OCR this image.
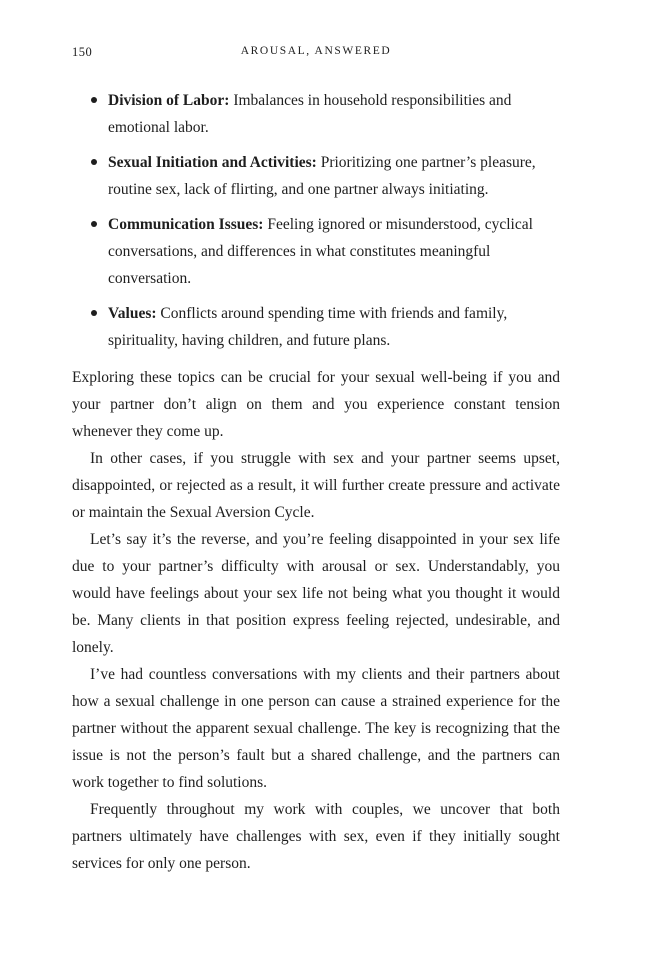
150	AROUSAL, ANSWERED
Division of Labor: Imbalances in household responsibilities and emotional labor.
Sexual Initiation and Activities: Prioritizing one partner’s pleasure, routine sex, lack of flirting, and one partner always initiating.
Communication Issues: Feeling ignored or misunderstood, cyclical conversations, and differences in what constitutes meaningful conversation.
Values: Conflicts around spending time with friends and family, spirituality, having children, and future plans.

Exploring these topics can be crucial for your sexual well-being if you and your partner don’t align on them and you experience constant tension whenever they come up.

In other cases, if you struggle with sex and your partner seems upset, disappointed, or rejected as a result, it will further create pressure and activate or maintain the Sexual Aversion Cycle.

Let’s say it’s the reverse, and you’re feeling disappointed in your sex life due to your partner’s difficulty with arousal or sex. Understandably, you would have feelings about your sex life not being what you thought it would be. Many clients in that position express feeling rejected, undesirable, and lonely.

I’ve had countless conversations with my clients and their partners about how a sexual challenge in one person can cause a strained experience for the partner without the apparent sexual challenge. The key is recognizing that the issue is not the person’s fault but a shared challenge, and the partners can work together to find solutions.

Frequently throughout my work with couples, we uncover that both partners ultimately have challenges with sex, even if they initially sought services for only one person.
